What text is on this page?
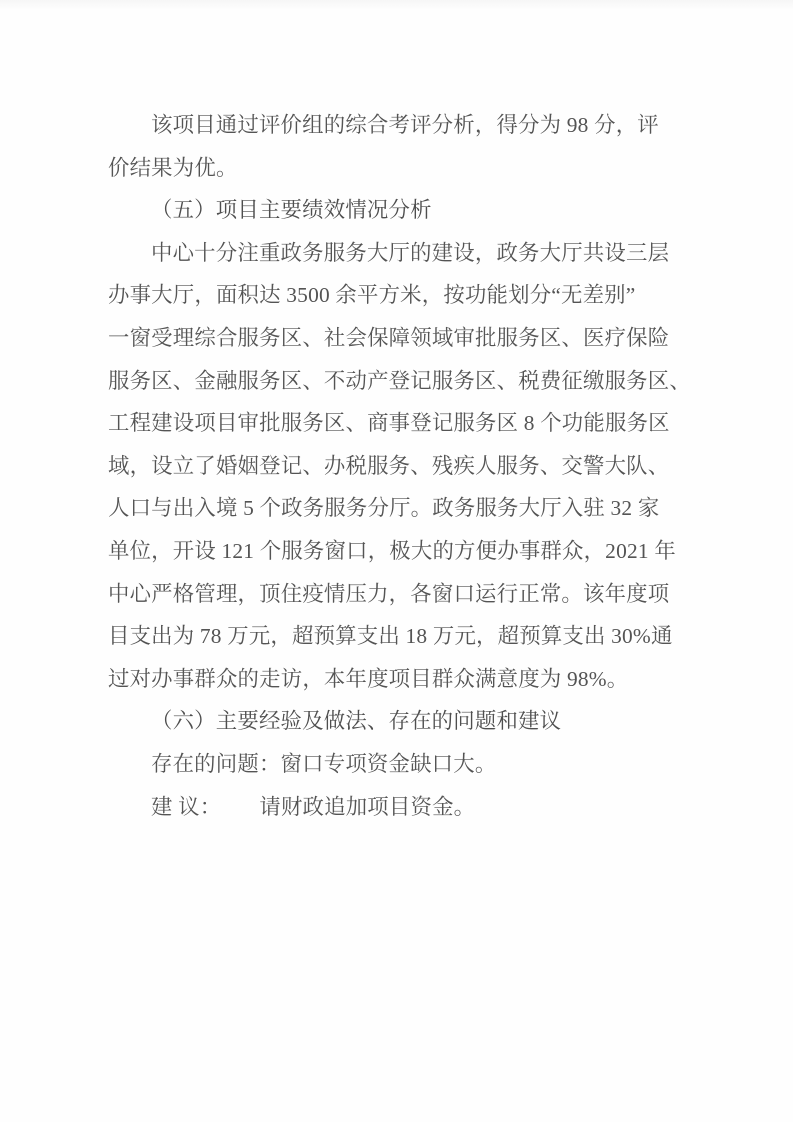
该项目通过评价组的综合考评分析，得分为 98 分，评
价结果为优。
（五）项目主要绩效情况分析
中心十分注重政务服务大厅的建设，政务大厅共设三层
办事大厅，面积达 3500 余平方米，按功能划分“无差别”
一窗受理综合服务区、社会保障领域审批服务区、医疗保险
服务区、金融服务区、不动产登记服务区、税费征缴服务区、
工程建设项目审批服务区、商事登记服务区 8 个功能服务区
域，设立了婚姻登记、办税服务、残疾人服务、交警大队、
人口与出入境 5 个政务服务分厅。政务服务大厅入驻 32 家
单位，开设 121 个服务窗口，极大的方便办事群众，2021 年
中心严格管理，顶住疫情压力，各窗口运行正常。该年度项
目支出为 78 万元，超预算支出 18 万元，超预算支出 30%通
过对办事群众的走访，本年度项目群众满意度为 98%。
（六）主要经验及做法、存在的问题和建议
存在的问题：窗口专项资金缺口大。
建 议：　　 请财政追加项目资金。
